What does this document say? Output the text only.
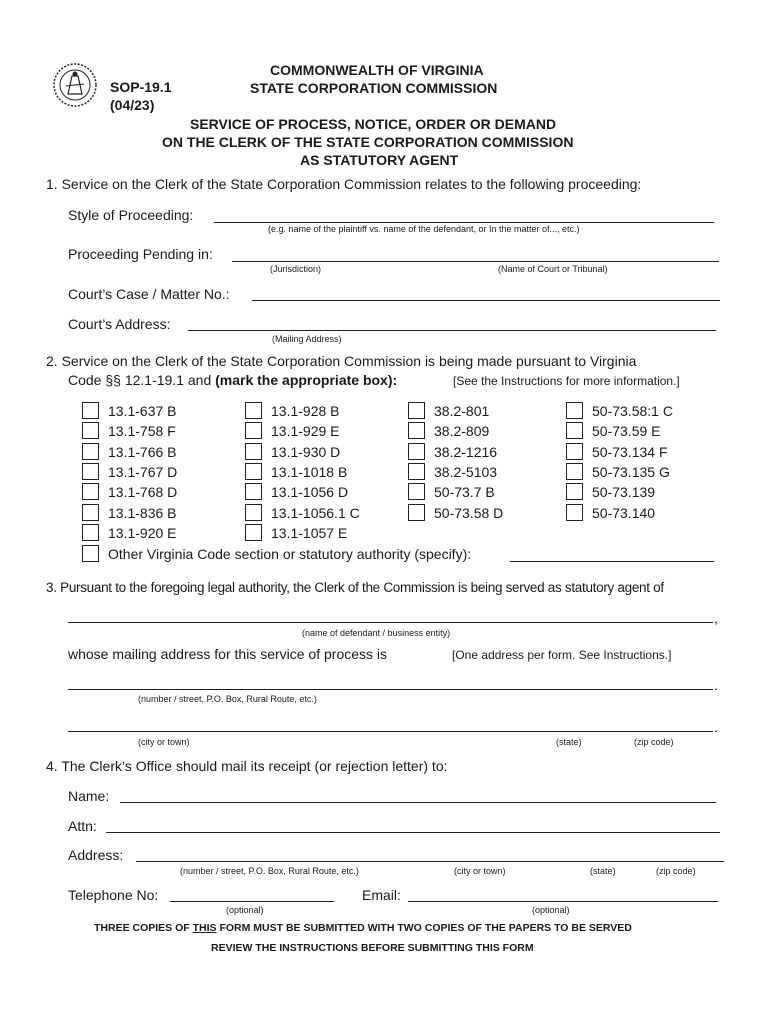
SOP-19.1
(04/23)
COMMONWEALTH OF VIRGINIA
STATE CORPORATION COMMISSION
SERVICE OF PROCESS, NOTICE, ORDER OR DEMAND
ON THE CLERK OF THE STATE CORPORATION COMMISSION
AS STATUTORY AGENT
1. Service on the Clerk of the State Corporation Commission relates to the following proceeding:
Style of Proceeding:
(e.g. name of the plaintiff vs. name of the defendant, or In the matter of..., etc.)
Proceeding Pending in:
(Jurisdiction)	(Name of Court or Tribunal)
Court’s Case / Matter No.:
Court’s Address:
(Mailing Address)
2. Service on the Clerk of the State Corporation Commission is being made pursuant to Virginia
Code §§ 12.1-19.1 and (mark the appropriate box):	[See the Instructions for more information.]
13.1-637 B
13.1-758 F
13.1-766 B
13.1-767 D
13.1-768 D
13.1-836 B
13.1-920 E
13.1-928 B
13.1-929 E
13.1-930 D
13.1-1018 B
13.1-1056 D
13.1-1056.1 C
13.1-1057 E
38.2-801
38.2-809
38.2-1216
38.2-5103
50-73.7 B
50-73.58 D
50-73.58:1 C
50-73.59 E
50-73.134 F
50-73.135 G
50-73.139
50-73.140
Other Virginia Code section or statutory authority (specify):
3. Pursuant to the foregoing legal authority, the Clerk of the Commission is being served as statutory agent of
,
(name of defendant / business entity)
whose mailing address for this service of process is	[One address per form. See Instructions.]
.
(number / street, P.O. Box, Rural Route, etc.)
.
(city or town)	(state)	(zip code)
4. The Clerk’s Office should mail its receipt (or rejection letter) to:
Name:
Attn:
Address:
(number / street, P.O. Box, Rural Route, etc.)	(city or town)	(state)	(zip code)
Telephone No:
(optional)
Email:
(optional)
THREE COPIES OF THIS FORM MUST BE SUBMITTED WITH TWO COPIES OF THE PAPERS TO BE SERVED
REVIEW THE INSTRUCTIONS BEFORE SUBMITTING THIS FORM
